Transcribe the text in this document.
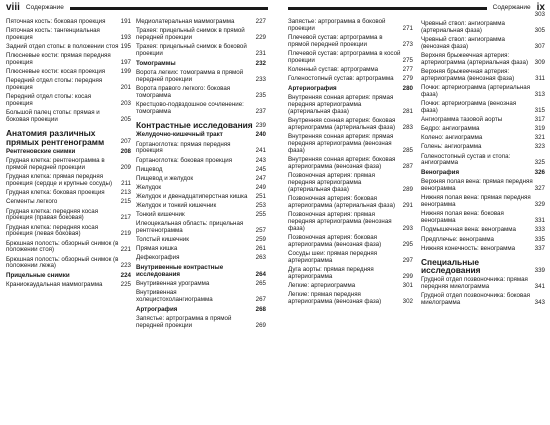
viii Содержание
Пяточная кость: боковая проекция 191
Пяточная кость: тангенциальная проекция	193
Задний отдел стопы: в положении стоя 195
Плюсневые кости: прямая передняя проекция	197
Плюсневые кости: косая проекция	199
Передний отдел стопы: передняя проекция	201
Передний отдел стопы: косая проекция	203
Большой палец стопы: прямая и боковая проекции	205
Анатомия различных прямых рентгенограмм	207
Рентгеновские снимки	208
Грудная клетка: рентгенограмма в прямой передней проекции	209
Грудная клетка: прямая передняя проекция (сердце и крупные сосуды) 211
Грудная клетка: боковая проекция	213
Сегменты легкого	215
Грудная клетка: передняя косая проекция (правая боковая)	217
Грудная клетка: передняя косая проекция (левая боковая)	219
Брюшная полость: обзорный снимок (в положении стоя)	221
Брюшная полость: обзорный снимок (в положении лежа)	223
Прицельные снимки	224
Краниокаудальная маммограмма	225
Медиолатеральная маммограмма	227
Трахея: прицельный снимок в прямой передней проекции	229
Трахея: прицельный снимок в боковой проекции	231
Томограммы	232
Ворота легких: томограмма в прямой передней проекции	233
Ворота правого легкого: боковая томограмма	235
Крестцово-подвздошное сочленение: томограмма	237
Контрастные исследования 239
Желудочно-кишечный тракт	240
Гортаноглотка: прямая передняя проекция	241
Гортаноглотка: боковая проекция	243
Пищевод	245
Пищевод и желудок	247
Желудок	249
Желудок и двенадцатиперстная кишка 251
Желудок и тонкий кишечник	253
Тонкий кишечник	255
Илеоцекальная область: прицельная рентгенограмма	257
Толстый кишечник	259
Прямая кишка	261
Дефекография	263
Внутривенные контрастные исследования	264
Внутривенная урограмма	265
Внутривенная холецистохолангиограмма	267
Артрография	268
Запястье: артрограмма в прямой передней проекции	269
Содержание ix
Запястье: артрограмма в боковой проекции	271
Плечевой сустав: артрограмма в прямой передней проекции	273
Плечевой сустав: артрограмма в косой проекции	275
Коленный сустав: артрограмма	277
Голеностопный сустав: артрограмма 279
Артериография	280
Внутренняя сонная артерия: прямая передняя артериограмма (артериальная фаза)	281
Внутренняя сонная артерия: боковая артериограмма (артериальная фаза) 283
Внутренняя сонная артерия: прямая передняя артериограмма (венозная фаза)	285
Внутренняя сонная артерия: боковая артериограмма (венозная фаза)	287
Позвоночная артерия: прямая передняя артериограмма (артериальная фаза)	289
Позвоночная артерия: боковая артериограмма (артериальная фаза) 291
Позвоночная артерия: прямая передняя артериограмма (венозная фаза)	293
Позвоночная артерия: боковая артериограмма (венозная фаза)	295
Сосуды шеи: прямая передняя артериограмма	297
Дуга аорты: прямая передняя артериограмма	299
Легкие: артериограмма	301
Легкие: прямая передняя артериограмма (венозная фаза)	302
303
Чревный ствол: ангиограмма (артериальная фаза)	305
Чревный ствол: ангиограмма (венозная фаза)	307
Верхняя брыжеечная артерия: артериограмма (артериальная фаза) 309
Верхняя брыжеечная артерия: артериограмма (венозная фаза)	311
Почки: артериограмма (артериальная фаза)	313
Почки: артериограмма (венозная фаза)	315
Ангиограмма тазовой аорты	317
Бедро: ангиограмма	319
Колено: ангиограмма	321
Голень: ангиограмма	323
Голеностопный сустав и стопа: ангиограмма	325
Венография	326
Верхняя полая вена: прямая передняя венограмма	327
Нижняя полая вена: прямая передняя венограмма	329
Нижняя полая вена: боковая венограмма	331
Подмышечная вена: венограмма	333
Предплечье: венограмма	335
Нижняя конечность: венограмма	337
Специальные исследования	339
Грудной отдел позвоночника: прямая передняя миелограмма	341
Грудной отдел позвоночника: боковая миелограмма	343
